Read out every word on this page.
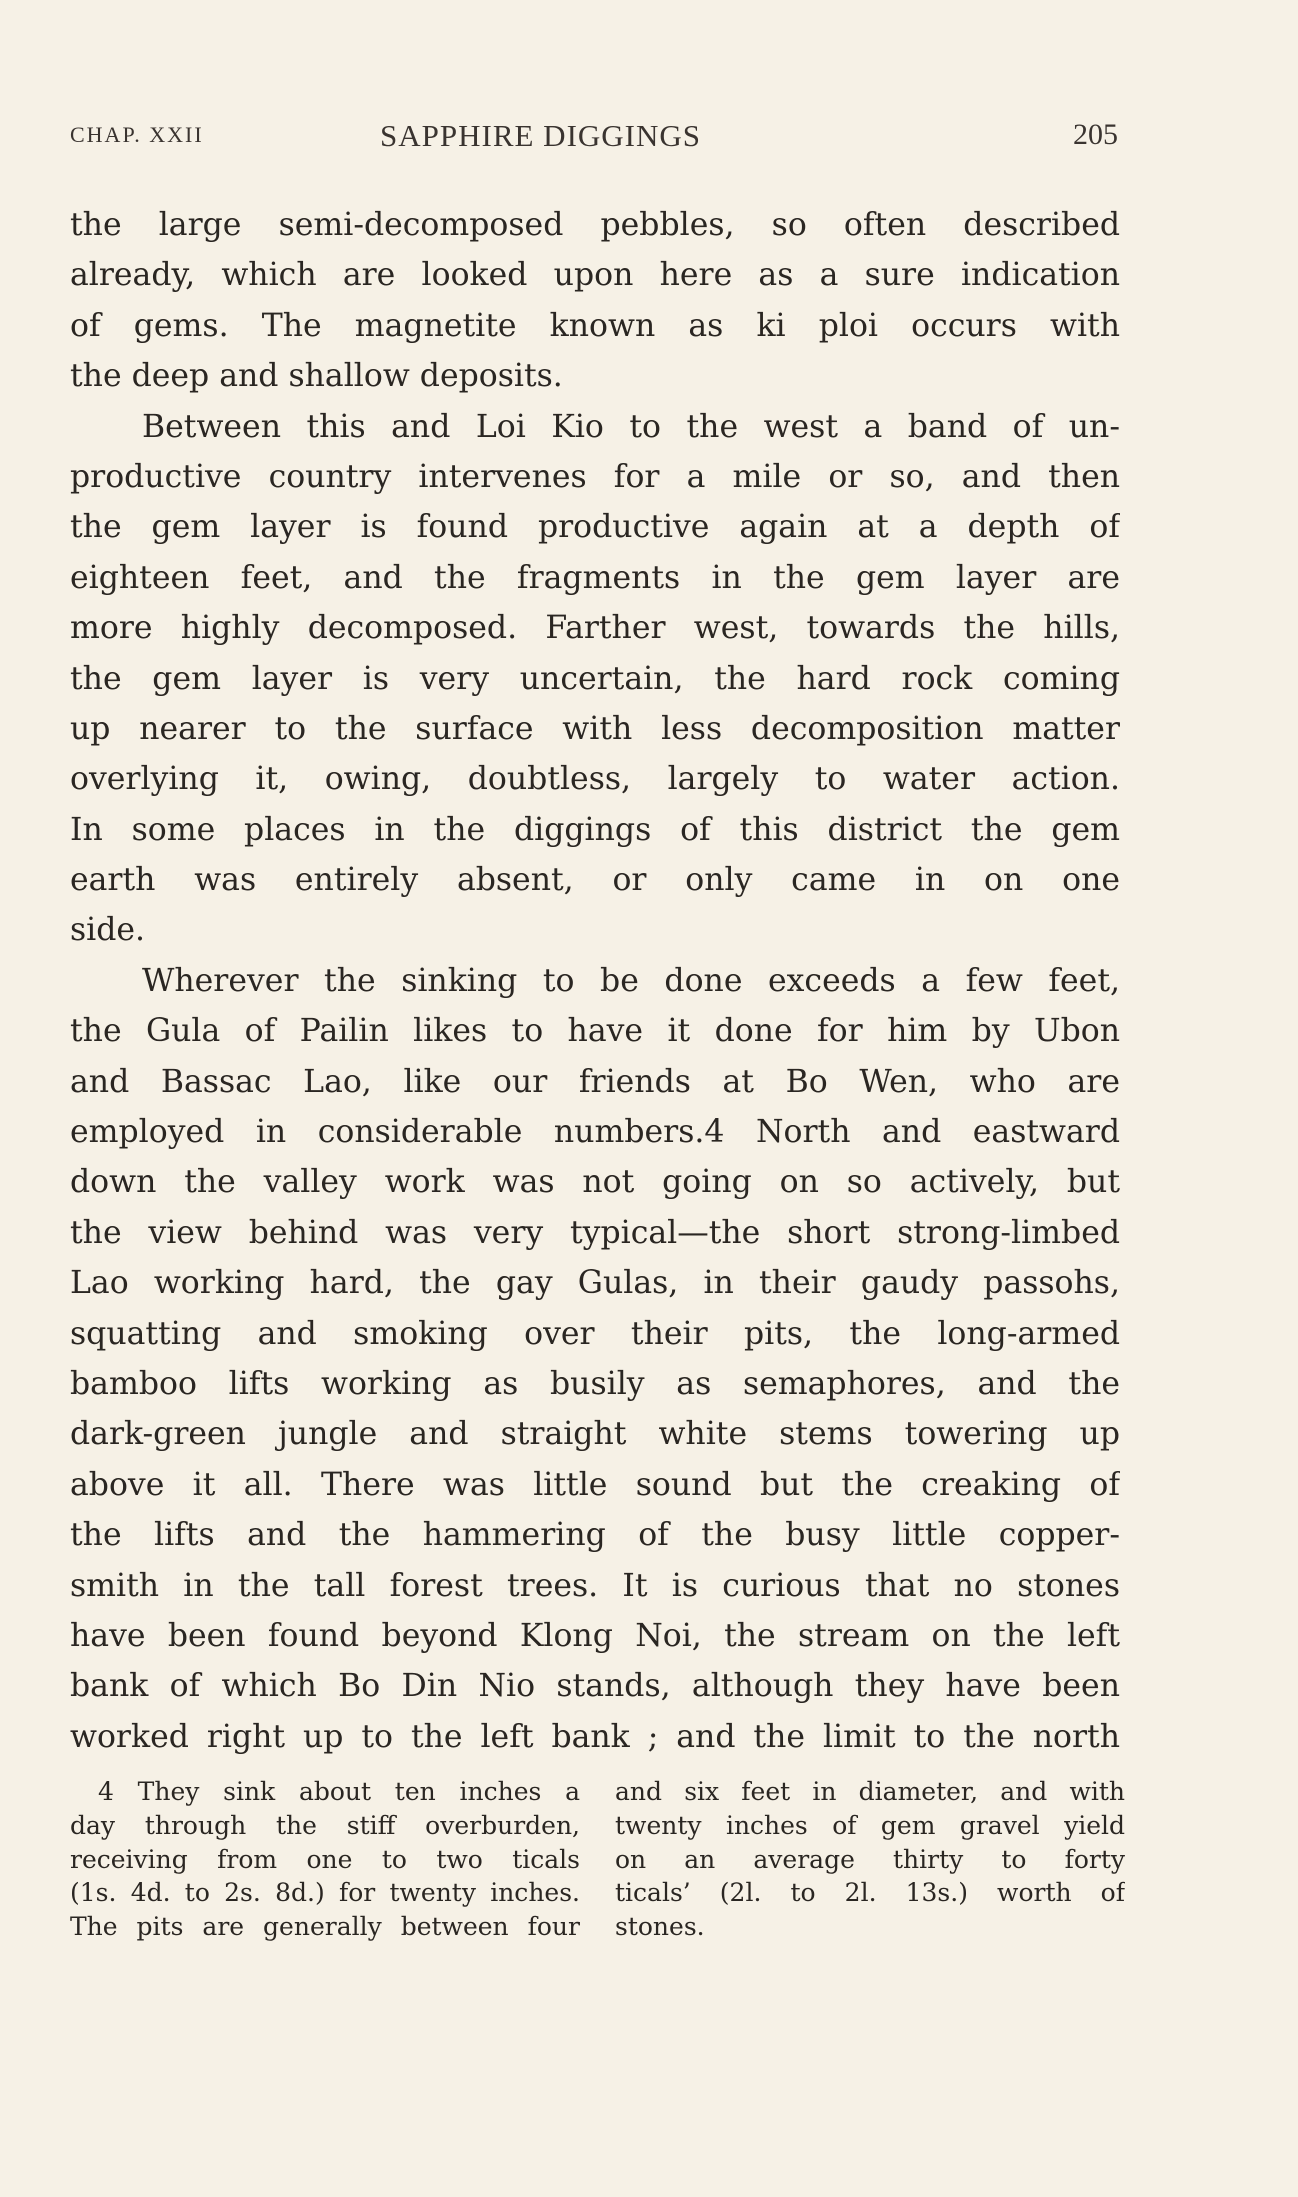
CHAP. XXII	SAPPHIRE DIGGINGS	205
the large semi-decomposed pebbles, so often described
already, which are looked upon here as a sure indication
of gems. The magnetite known as ki ploi occurs with
the deep and shallow deposits.
Between this and Loi Kio to the west a band of un-
productive country intervenes for a mile or so, and then
the gem layer is found productive again at a depth of
eighteen feet, and the fragments in the gem layer are
more highly decomposed. Farther west, towards the hills,
the gem layer is very uncertain, the hard rock coming
up nearer to the surface with less decomposition matter
overlying it, owing, doubtless, largely to water action.
In some places in the diggings of this district the gem
earth was entirely absent, or only came in on one
side.
Wherever the sinking to be done exceeds a few feet,
the Gula of Pailin likes to have it done for him by Ubon
and Bassac Lao, like our friends at Bo Wen, who are
employed in considerable numbers.4 North and eastward
down the valley work was not going on so actively, but
the view behind was very typical—the short strong-limbed
Lao working hard, the gay Gulas, in their gaudy passohs,
squatting and smoking over their pits, the long-armed
bamboo lifts working as busily as semaphores, and the
dark-green jungle and straight white stems towering up
above it all. There was little sound but the creaking of
the lifts and the hammering of the busy little copper-
smith in the tall forest trees. It is curious that no stones
have been found beyond Klong Noi, the stream on the left
bank of which Bo Din Nio stands, although they have been
worked right up to the left bank ; and the limit to the north
4 They sink about ten inches a
day through the stiff overburden,
receiving from one to two ticals
(1s. 4d. to 2s. 8d.) for twenty inches.
The pits are generally between four
and six feet in diameter, and with
twenty inches of gem gravel yield
on an average thirty to forty
ticals’ (2l. to 2l. 13s.) worth of
stones.
